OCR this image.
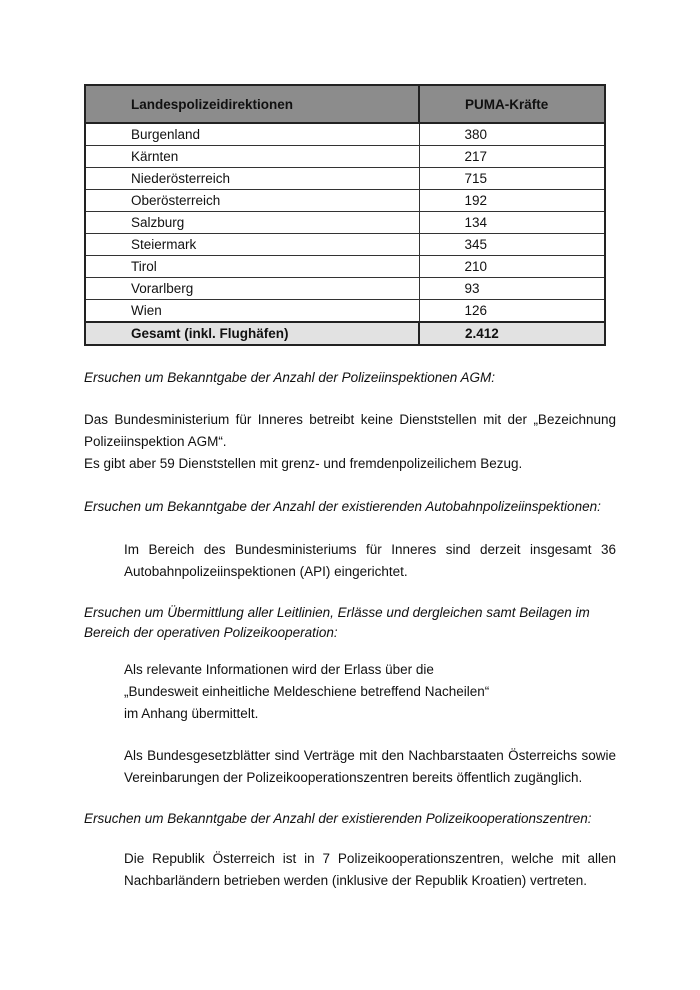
Landespolizeidirektionen	PUMA-Kräfte
Burgenland	380
Kärnten	217
Niederösterreich	715
Oberösterreich	192
Salzburg	134
Steiermark	345
Tirol	210
Vorarlberg	93
Wien	126
Gesamt (inkl. Flughäfen)	2.412
Ersuchen um Bekanntgabe der Anzahl der Polizeiinspektionen AGM:
Das Bundesministerium für Inneres betreibt keine Dienststellen mit der „Bezeichnung Polizeiinspektion AGM“.
Es gibt aber 59 Dienststellen mit grenz- und fremdenpolizeilichem Bezug.
Ersuchen um Bekanntgabe der Anzahl der existierenden Autobahnpolizeiinspektionen:
Im Bereich des Bundesministeriums für Inneres sind derzeit insgesamt 36 Autobahnpolizeiinspektionen (API) eingerichtet.
Ersuchen um Übermittlung aller Leitlinien, Erlässe und dergleichen samt Beilagen im Bereich der operativen Polizeikooperation:
Als relevante Informationen wird der Erlass über die
„Bundesweit einheitliche Meldeschiene betreffend Nacheilen“
im Anhang übermittelt.
Als Bundesgesetzblätter sind Verträge mit den Nachbarstaaten Österreichs sowie Vereinbarungen der Polizeikooperationszentren bereits öffentlich zugänglich.
Ersuchen um Bekanntgabe der Anzahl der existierenden Polizeikooperationszentren:
Die Republik Österreich ist in 7 Polizeikooperationszentren, welche mit allen Nachbarländern betrieben werden (inklusive der Republik Kroatien) vertreten.
